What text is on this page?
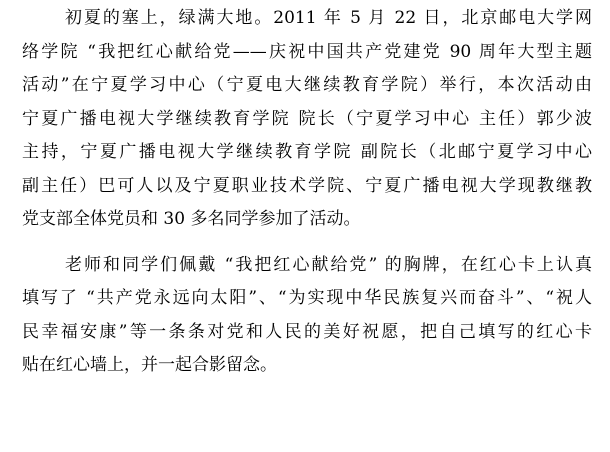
初夏的塞上，绿满大地。2011 年 5 月 22 日，北京邮电大学网
络学院 “我把红心献给党——庆祝中国共产党建党 90 周年大型主题
活动”在宁夏学习中心（宁夏电大继续教育学院）举行，本次活动由
宁夏广播电视大学继续教育学院 院长（宁夏学习中心 主任）郭少波
主持，宁夏广播电视大学继续教育学院 副院长（北邮宁夏学习中心
副主任）巴可人以及宁夏职业技术学院、宁夏广播电视大学现教继教
党支部全体党员和 30 多名同学参加了活动。
老师和同学们佩戴 “我把红心献给党” 的胸牌，在红心卡上认真
填写了 “共产党永远向太阳”、“为实现中华民族复兴而奋斗”、“祝人
民幸福安康”等一条条对党和人民的美好祝愿，把自己填写的红心卡
贴在红心墙上，并一起合影留念。
